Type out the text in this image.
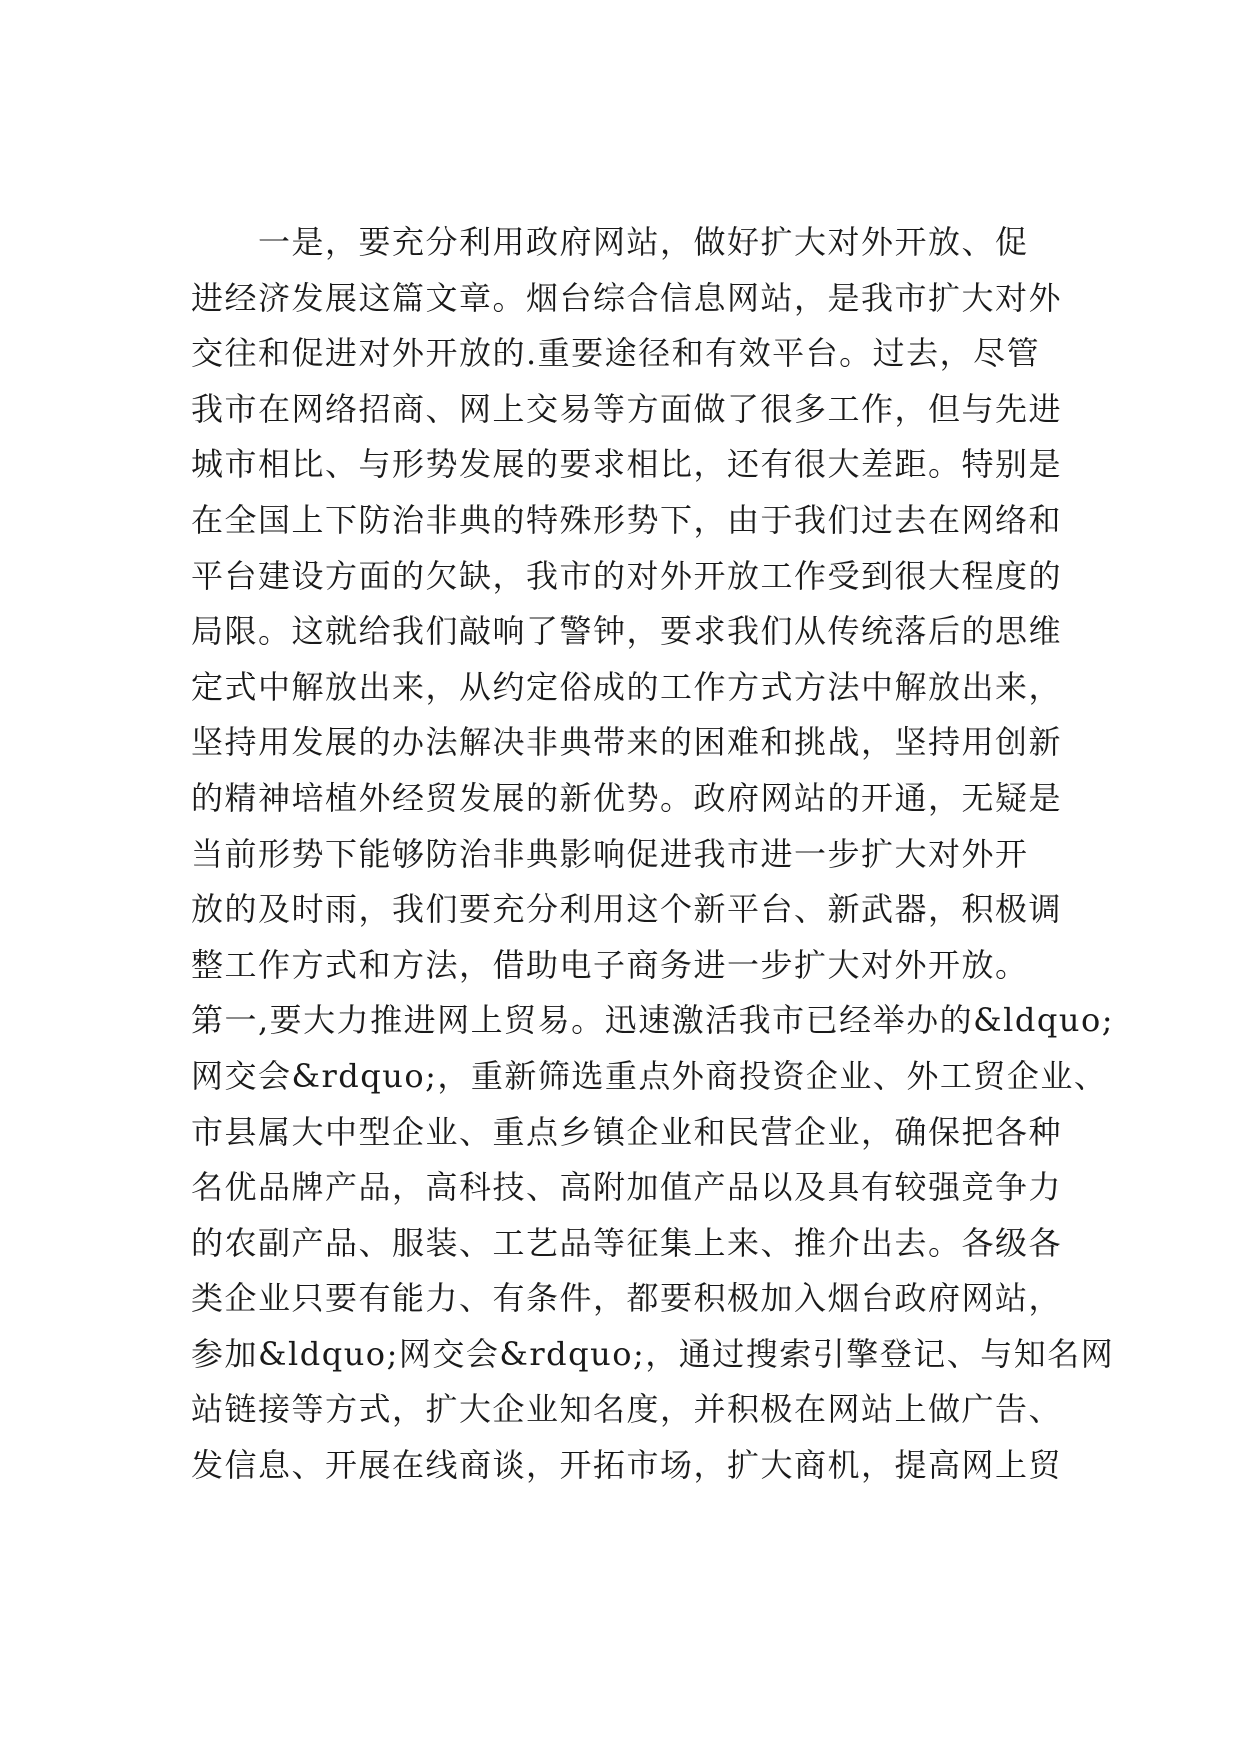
　　一是，要充分利用政府网站，做好扩大对外开放、促
进经济发展这篇文章。烟台综合信息网站，是我市扩大对外
交往和促进对外开放的.重要途径和有效平台。过去，尽管
我市在网络招商、网上交易等方面做了很多工作，但与先进
城市相比、与形势发展的要求相比，还有很大差距。特别是
在全国上下防治非典的特殊形势下，由于我们过去在网络和
平台建设方面的欠缺，我市的对外开放工作受到很大程度的
局限。这就给我们敲响了警钟，要求我们从传统落后的思维
定式中解放出来，从约定俗成的工作方式方法中解放出来，
坚持用发展的办法解决非典带来的困难和挑战，坚持用创新
的精神培植外经贸发展的新优势。政府网站的开通，无疑是
当前形势下能够防治非典影响促进我市进一步扩大对外开
放的及时雨，我们要充分利用这个新平台、新武器，积极调
整工作方式和方法，借助电子商务进一步扩大对外开放。
第一,要大力推进网上贸易。迅速激活我市已经举办的&ldquo;
网交会&rdquo;，重新筛选重点外商投资企业、外工贸企业、
市县属大中型企业、重点乡镇企业和民营企业，确保把各种
名优品牌产品，高科技、高附加值产品以及具有较强竞争力
的农副产品、服装、工艺品等征集上来、推介出去。各级各
类企业只要有能力、有条件，都要积极加入烟台政府网站，
参加&ldquo;网交会&rdquo;，通过搜索引擎登记、与知名网
站链接等方式，扩大企业知名度，并积极在网站上做广告、
发信息、开展在线商谈，开拓市场，扩大商机，提高网上贸
